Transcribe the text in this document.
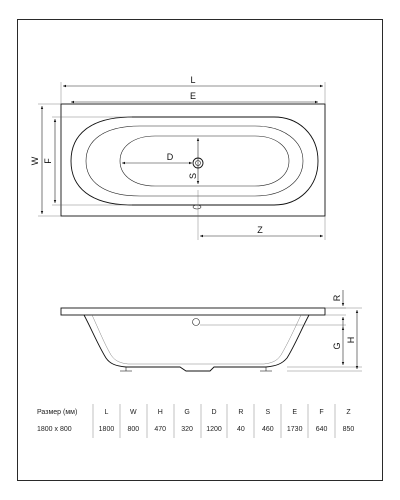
L
E
W F	D
S
Z
R
G
H
Размер (мм)	L	W	H	G	D	R	S	E	F	Z
1800 x 800	1800	800	470	320	1200	40	460	1730	640	850
